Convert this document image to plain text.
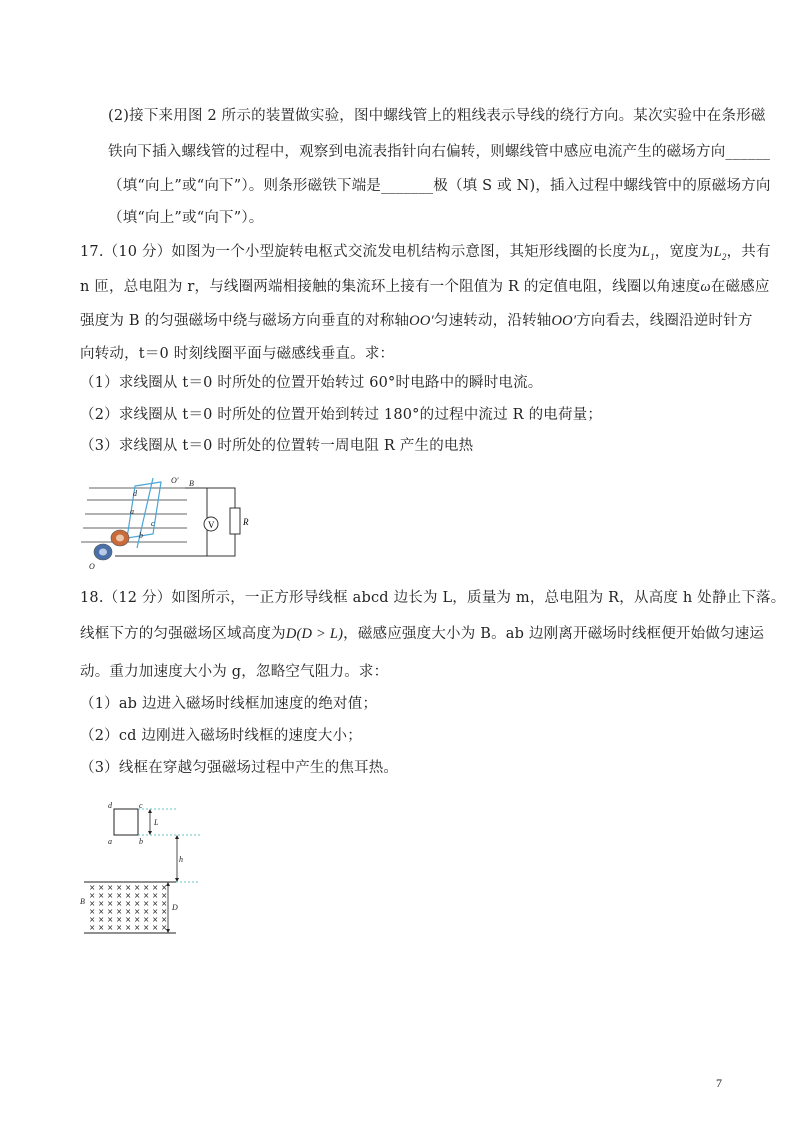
(2)接下来用图 2 所示的装置做实验，图中螺线管上的粗线表示导线的绕行方向。某次实验中在条形磁
铁向下插入螺线管的过程中，观察到电流表指针向右偏转，则螺线管中感应电流产生的磁场方向______
（填“向上”或“向下”）。则条形磁铁下端是_______极（填 S 或 N)，插入过程中螺线管中的原磁场方向
（填“向上”或“向下”）。
17.（10 分）如图为一个小型旋转电枢式交流发电机结构示意图，其矩形线圈的长度为$L_1$，宽度为$L_2$，共有
n 匝，总电阻为 r，与线圈两端相接触的集流环上接有一个阻值为 R 的定值电阻，线圈以角速度ω在磁感应
强度为 B 的匀强磁场中绕与磁场方向垂直的对称轴OO′匀速转动，沿转轴OO′方向看去，线圈沿逆时针方
向转动，t＝0 时刻线圈平面与磁感线垂直。求：
（1）求线圈从 t＝0 时所处的位置开始转过 60°时电路中的瞬时电流。
（2）求线圈从 t＝0 时所处的位置开始到转过 180°的过程中流过 R 的电荷量；
（3）求线圈从 t＝0 时所处的位置转一周电阻 R 产生的电热
V	R
O′ B
O
d
a
c
b
18.（12 分）如图所示，一正方形导线框 abcd 边长为 L，质量为 m，总电阻为 R，从高度 h 处静止下落。
线框下方的匀强磁场区域高度为D(D > L)，磁感应强度大小为 B。ab 边刚离开磁场时线框便开始做匀速运
动。重力加速度大小为 g，忽略空气阻力。求：
（1）ab 边进入磁场时线框加速度的绝对值；
（2）cd 边刚进入磁场时线框的速度大小；
（3）线框在穿越匀强磁场过程中产生的焦耳热。
× × × × × × × × ×
× × × × × × × × ×
× × × × × × × × ×
× × × × × × × × ×
× × × × × × × × ×
× × × × × × × × ×
d	c
a	b
L
h
B
D
7
